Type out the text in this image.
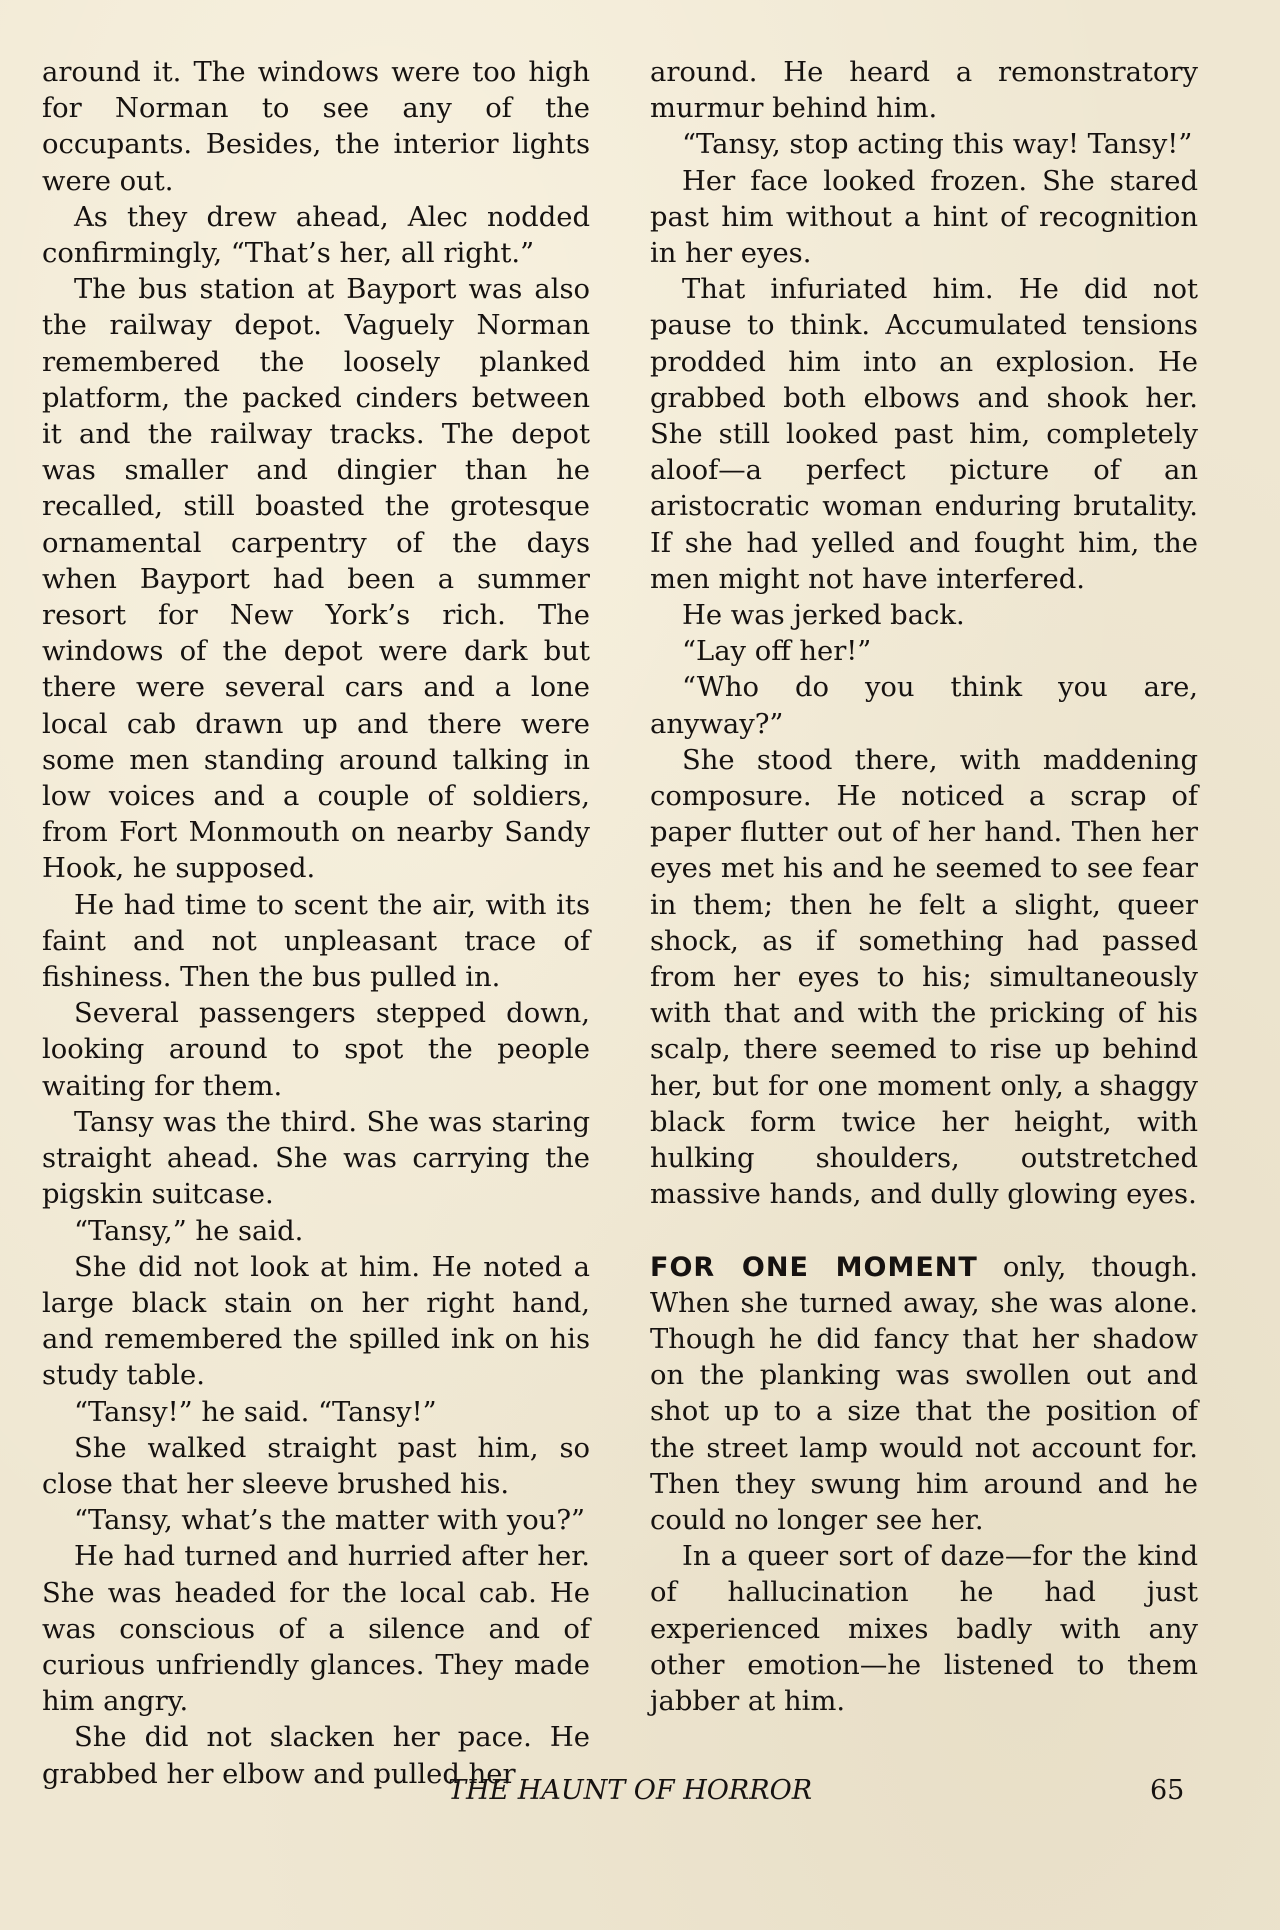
around it. The windows were too high for Norman to see any of the occupants. Besides, the interior lights were out.

As they drew ahead, Alec nodded confirmingly, “That’s her, all right.”

The bus station at Bayport was also the railway depot. Vaguely Norman remembered the loosely planked platform, the packed cinders between it and the railway tracks. The depot was smaller and dingier than he recalled, still boasted the grotesque ornamental carpentry of the days when Bayport had been a summer resort for New York’s rich. The windows of the depot were dark but there were several cars and a lone local cab drawn up and there were some men standing around talking in low voices and a couple of soldiers, from Fort Monmouth on nearby Sandy Hook, he supposed.

He had time to scent the air, with its faint and not unpleasant trace of fishiness. Then the bus pulled in.

Several passengers stepped down, looking around to spot the people waiting for them.

Tansy was the third. She was staring straight ahead. She was carrying the pigskin suitcase.

“Tansy,” he said.

She did not look at him. He noted a large black stain on her right hand, and remembered the spilled ink on his study table.

“Tansy!” he said. “Tansy!”

She walked straight past him, so close that her sleeve brushed his.

“Tansy, what’s the matter with you?”

He had turned and hurried after her. She was headed for the local cab. He was conscious of a silence and of curious unfriendly glances. They made him angry.

She did not slacken her pace. He grabbed her elbow and pulled her

around. He heard a remonstratory murmur behind him.

“Tansy, stop acting this way! Tansy!”

Her face looked frozen. She stared past him without a hint of recognition in her eyes.

That infuriated him. He did not pause to think. Accumulated tensions prodded him into an explosion. He grabbed both elbows and shook her. She still looked past him, completely aloof—a perfect picture of an aristocratic woman enduring brutality. If she had yelled and fought him, the men might not have interfered.

He was jerked back.

“Lay off her!”

“Who do you think you are, anyway?”

She stood there, with maddening composure. He noticed a scrap of paper flutter out of her hand. Then her eyes met his and he seemed to see fear in them; then he felt a slight, queer shock, as if something had passed from her eyes to his; simultaneously with that and with the pricking of his scalp, there seemed to rise up behind her, but for one moment only, a shaggy black form twice her height, with hulking shoulders, outstretched massive hands, and dully glowing eyes.

FOR ONE MOMENT only, though. When she turned away, she was alone. Though he did fancy that her shadow on the planking was swollen out and shot up to a size that the position of the street lamp would not account for. Then they swung him around and he could no longer see her.

In a queer sort of daze—for the kind of hallucination he had just experienced mixes badly with any other emotion—he listened to them jabber at him.

THE HAUNT OF HORROR	65
